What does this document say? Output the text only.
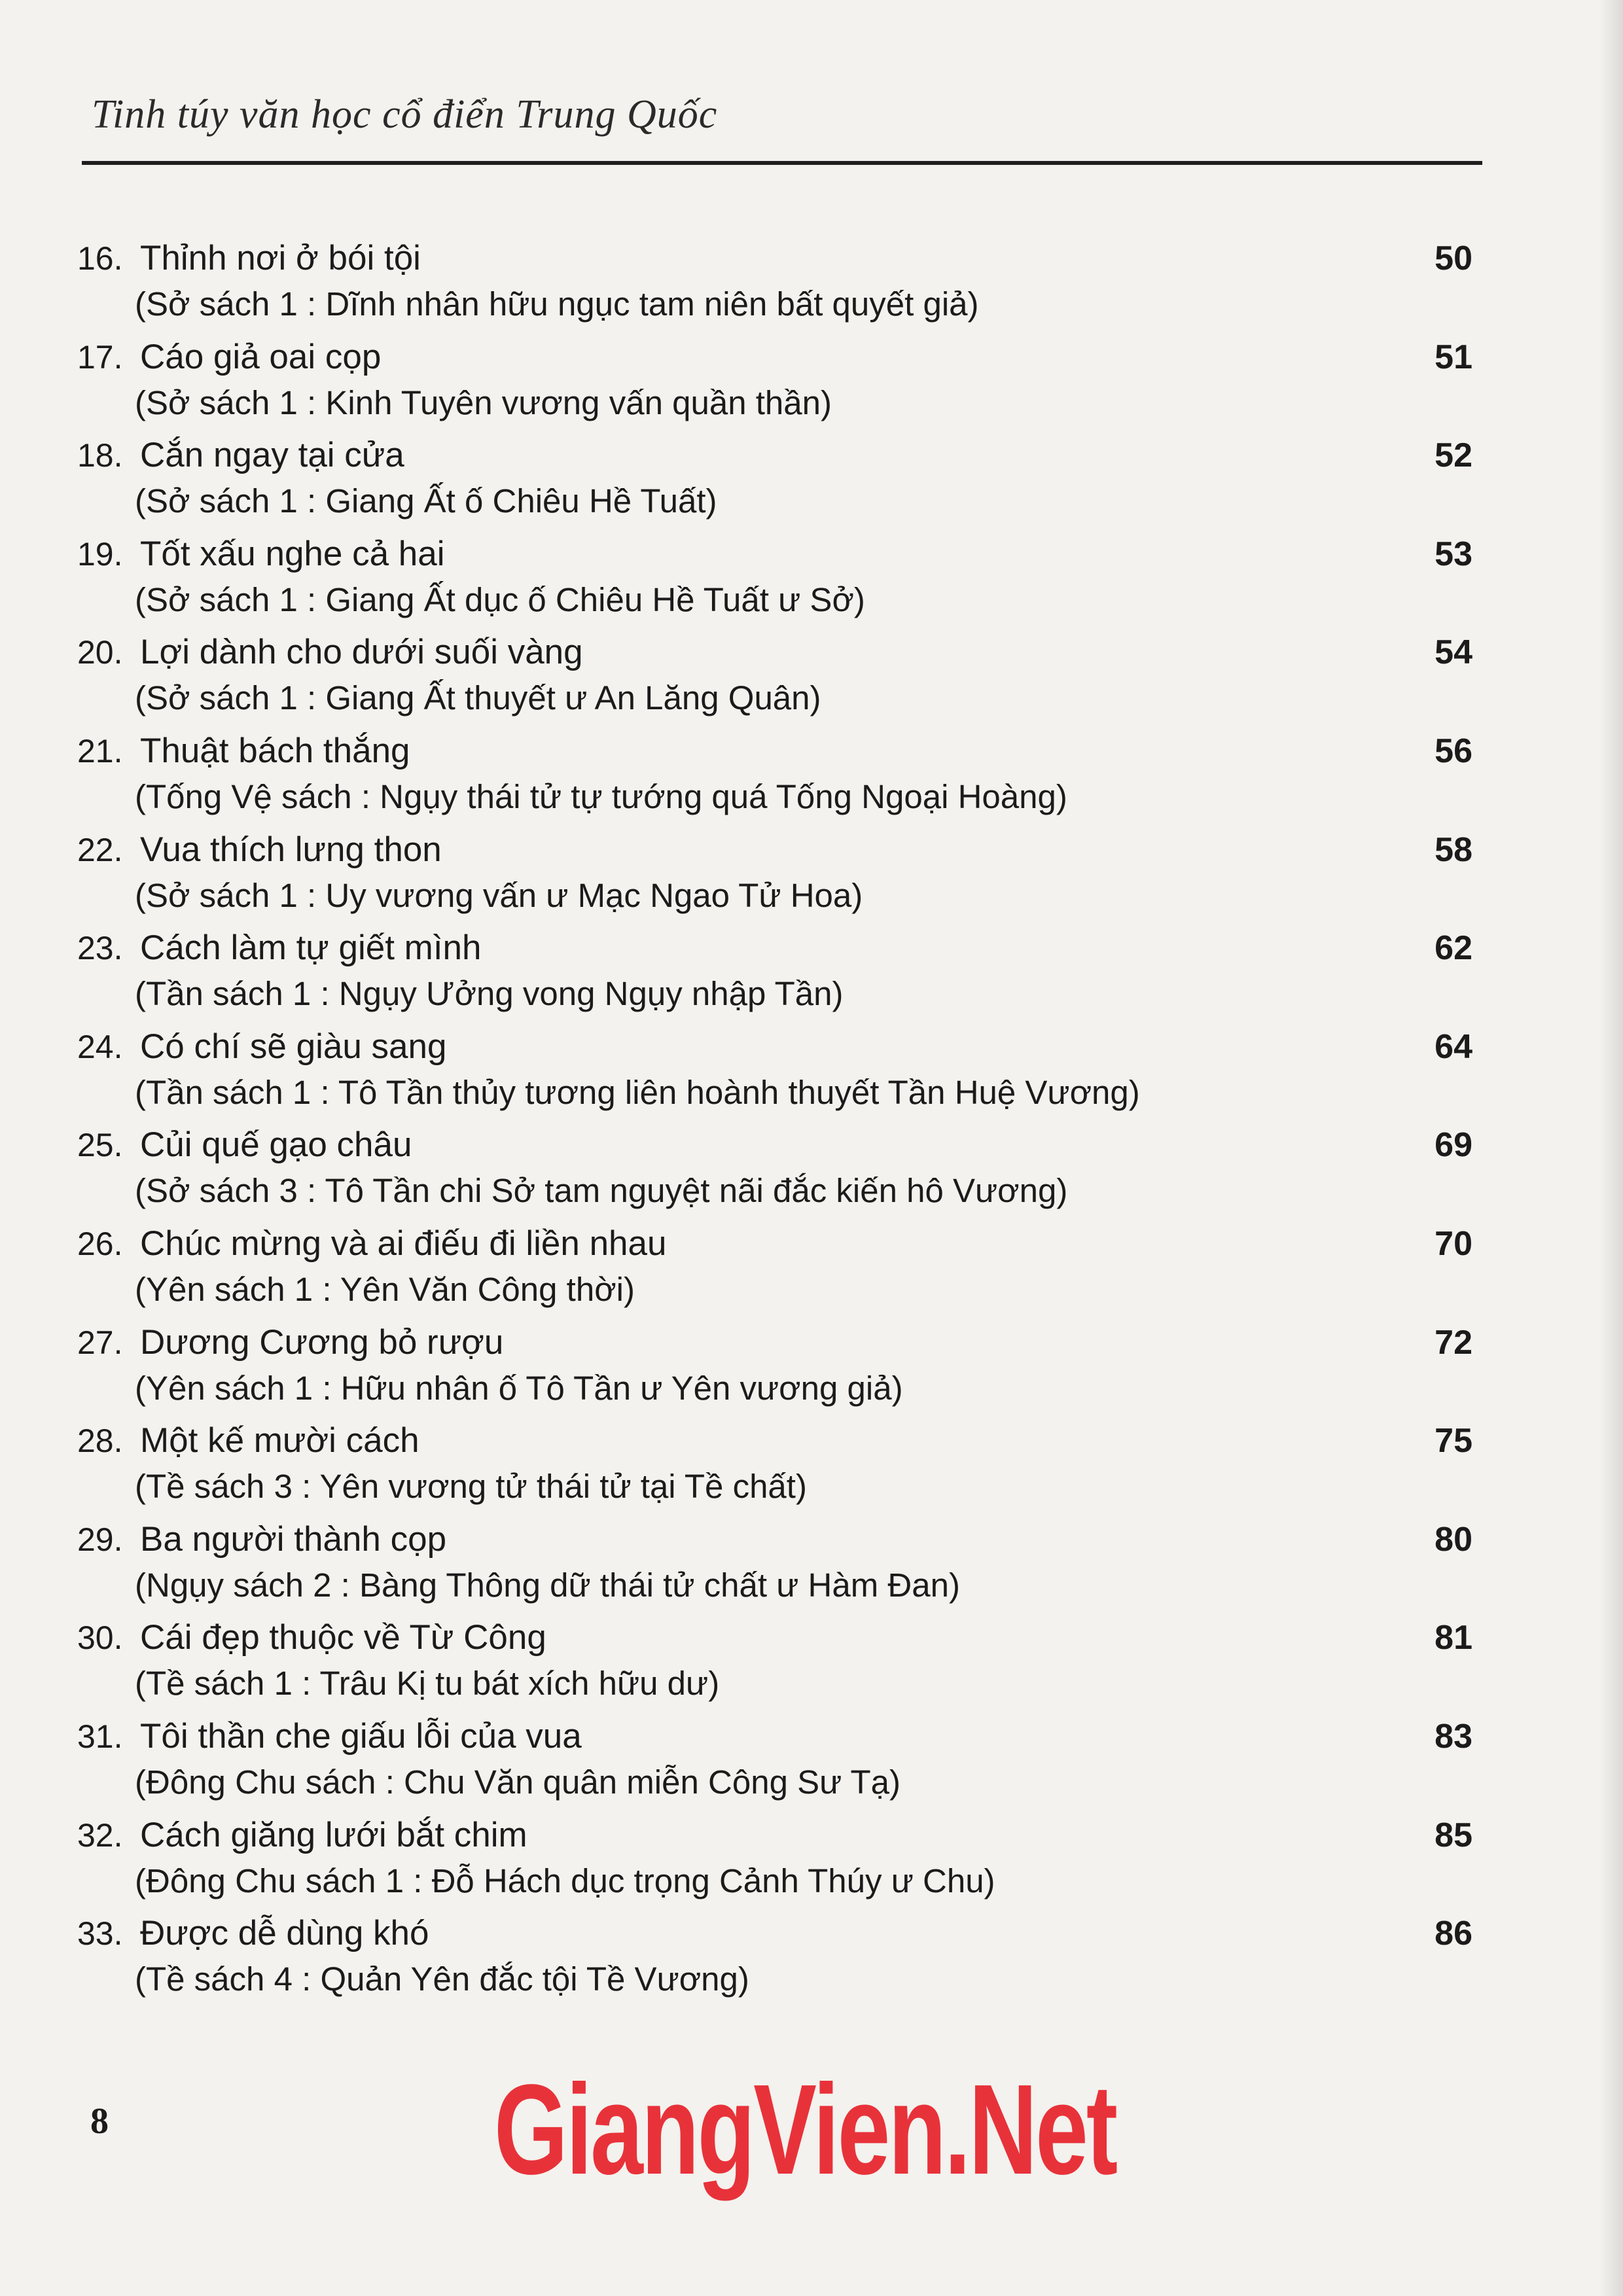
Tinh túy văn học cổ điển Trung Quốc
16. Thỉnh nơi ở bói tội	50
(Sở sách 1 : Dĩnh nhân hữu ngục tam niên bất quyết giả)
17. Cáo giả oai cọp	51
(Sở sách 1 : Kinh Tuyên vương vấn quần thần)
18. Cắn ngay tại cửa	52
(Sở sách 1 : Giang Ất ố Chiêu Hề Tuất)
19. Tốt xấu nghe cả hai	53
(Sở sách 1 : Giang Ất dục ố Chiêu Hề Tuất ư Sở)
20. Lợi dành cho dưới suối vàng	54
(Sở sách 1 : Giang Ất thuyết ư An Lăng Quân)
21. Thuật bách thắng	56
(Tống Vệ sách : Ngụy thái tử tự tướng quá Tống Ngoại Hoàng)
22. Vua thích lưng thon	58
(Sở sách 1 : Uy vương vấn ư Mạc Ngao Tử Hoa)
23. Cách làm tự giết mình	62
(Tần sách 1 : Ngụy Ưởng vong Ngụy nhập Tần)
24. Có chí sẽ giàu sang	64
(Tần sách 1 : Tô Tần thủy tương liên hoành thuyết Tần Huệ Vương)
25. Củi quế gạo châu	69
(Sở sách 3 : Tô Tần chi Sở tam nguyệt nãi đắc kiến hô Vương)
26. Chúc mừng và ai điếu đi liền nhau	70
(Yên sách 1 : Yên Văn Công thời)
27. Dương Cương bỏ rượu	72
(Yên sách 1 : Hữu nhân ố Tô Tần ư Yên vương giả)
28. Một kế mười cách	75
(Tề sách 3 : Yên vương tử thái tử tại Tề chất)
29. Ba người thành cọp	80
(Ngụy sách 2 : Bàng Thông dữ thái tử chất ư Hàm Đan)
30. Cái đẹp thuộc về Từ Công	81
(Tề sách 1 : Trâu Kị tu bát xích hữu dư)
31. Tôi thần che giấu lỗi của vua	83
(Đông Chu sách : Chu Văn quân miễn Công Sư Tạ)
32. Cách giăng lưới bắt chim	85
(Đông Chu sách 1 : Đỗ Hách dục trọng Cảnh Thúy ư Chu)
33. Được dễ dùng khó	86
(Tề sách 4 : Quản Yên đắc tội Tề Vương)
8	GiangVien.Net
